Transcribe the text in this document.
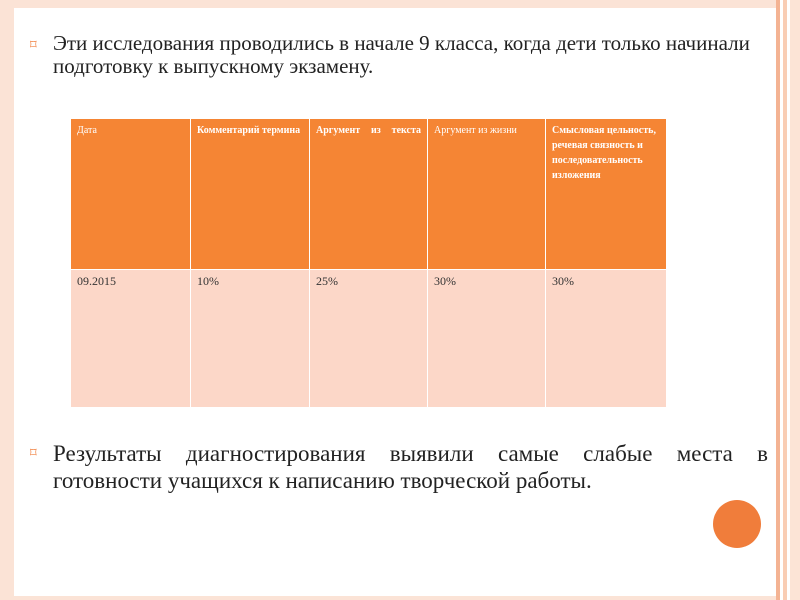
⌑ Эти исследования проводились в начале 9 класса, когда дети только начинали подготовку к выпускному экзамену.

Дата	Комментарий термина	Аргумент из текста	Аргумент из жизни	Смысловая цельность, речевая связность и последовательность изложения
09.2015	10%	25%	30%	30%
⌑ Результаты диагностирования выявили самые слабые места в готовности учащихся к написанию творческой работы.
